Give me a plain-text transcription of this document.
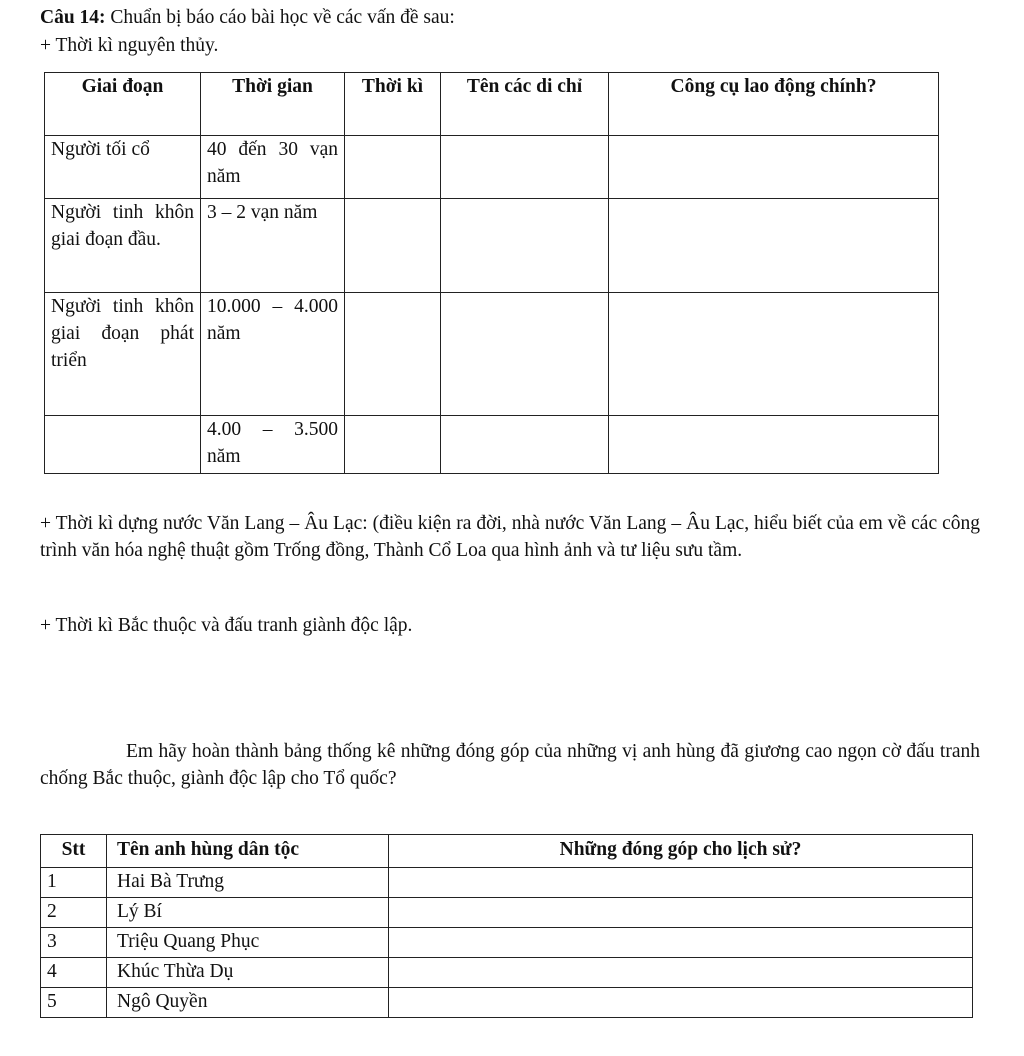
Câu 14: Chuẩn bị báo cáo bài học về các vấn đề sau:
+ Thời kì nguyên thủy.
Giai đoạn	Thời gian	Thời kì	Tên các di chỉ	Công cụ lao động chính?
Người tối cổ	40 đến 30 vạn năm			
Người tinh khôn giai đoạn đầu.	3 – 2 vạn năm			
Người tinh khôn giai đoạn phát triển	10.000 – 4.000 năm			
	4.00 – 3.500 năm			
+ Thời kì dựng nước Văn Lang – Âu Lạc: (điều kiện ra đời, nhà nước Văn Lang – Âu Lạc, hiểu biết của em về các công trình văn hóa nghệ thuật gồm Trống đồng, Thành Cổ Loa qua hình ảnh và tư liệu sưu tầm.
+ Thời kì Bắc thuộc và đấu tranh giành độc lập.
Em hãy hoàn thành bảng thống kê những đóng góp của những vị anh hùng đã giương cao ngọn cờ đấu tranh chống Bắc thuộc, giành độc lập cho Tổ quốc?
Stt	Tên anh hùng dân tộc	Những đóng góp cho lịch sử?
1	Hai Bà Trưng	
2	Lý Bí	
3	Triệu Quang Phục	
4	Khúc Thừa Dụ	
5	Ngô Quyền	
